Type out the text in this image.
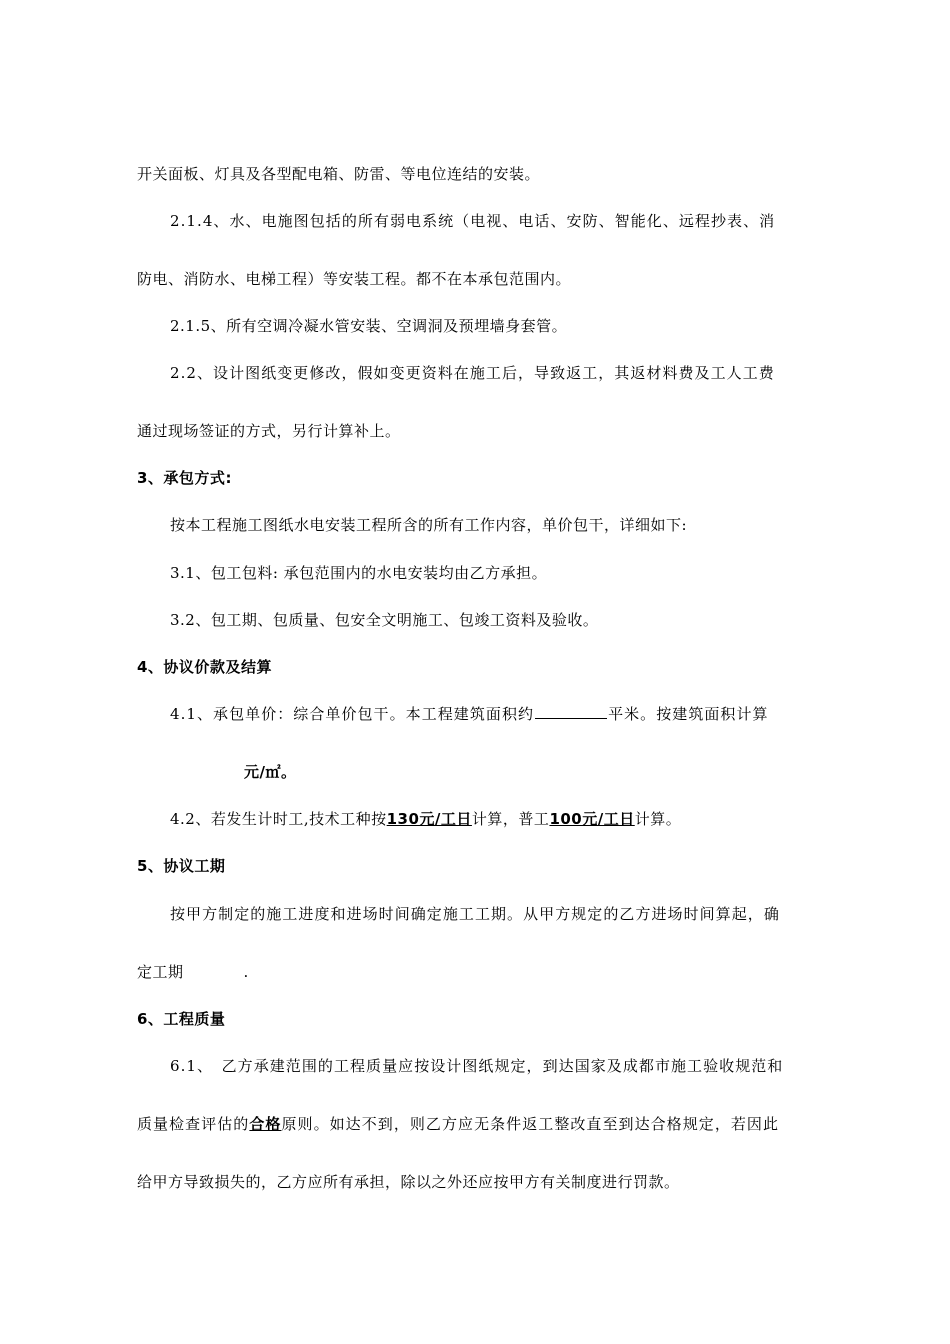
开关面板、灯具及各型配电箱、防雷、等电位连结的安装。
2.1.4、水、电施图包括的所有弱电系统（电视、电话、安防、智能化、远程抄表、消
防电、消防水、电梯工程）等安装工程。都不在本承包范围内。
2.1.5、所有空调冷凝水管安装、空调洞及预埋墙身套管。
2.2、设计图纸变更修改，假如变更资料在施工后，导致返工，其返材料费及工人工费
通过现场签证的方式，另行计算补上。
3、承包方式:
按本工程施工图纸水电安装工程所含的所有工作内容，单价包干，详细如下:
3.1、包工包料: 承包范围内的水电安装均由乙方承担。
3.2、包工期、包质量、包安全文明施工、包竣工资料及验收。
4、协议价款及结算
4.1、承包单价：综合单价包干。本工程建筑面积约	平米。按建筑面积计算
元/㎡。
4.2、若发生计时工,技术工种按130元/工日计算，普工100元/工日计算。
5、协议工期
按甲方制定的施工进度和进场时间确定施工工期。从甲方规定的乙方进场时间算起，确
定工期	.
6、工程质量
6.1、　乙方承建范围的工程质量应按设计图纸规定，到达国家及成都市施工验收规范和
质量检查评估的合格原则。如达不到，则乙方应无条件返工整改直至到达合格规定，若因此
给甲方导致损失的，乙方应所有承担，除以之外还应按甲方有关制度进行罚款。
